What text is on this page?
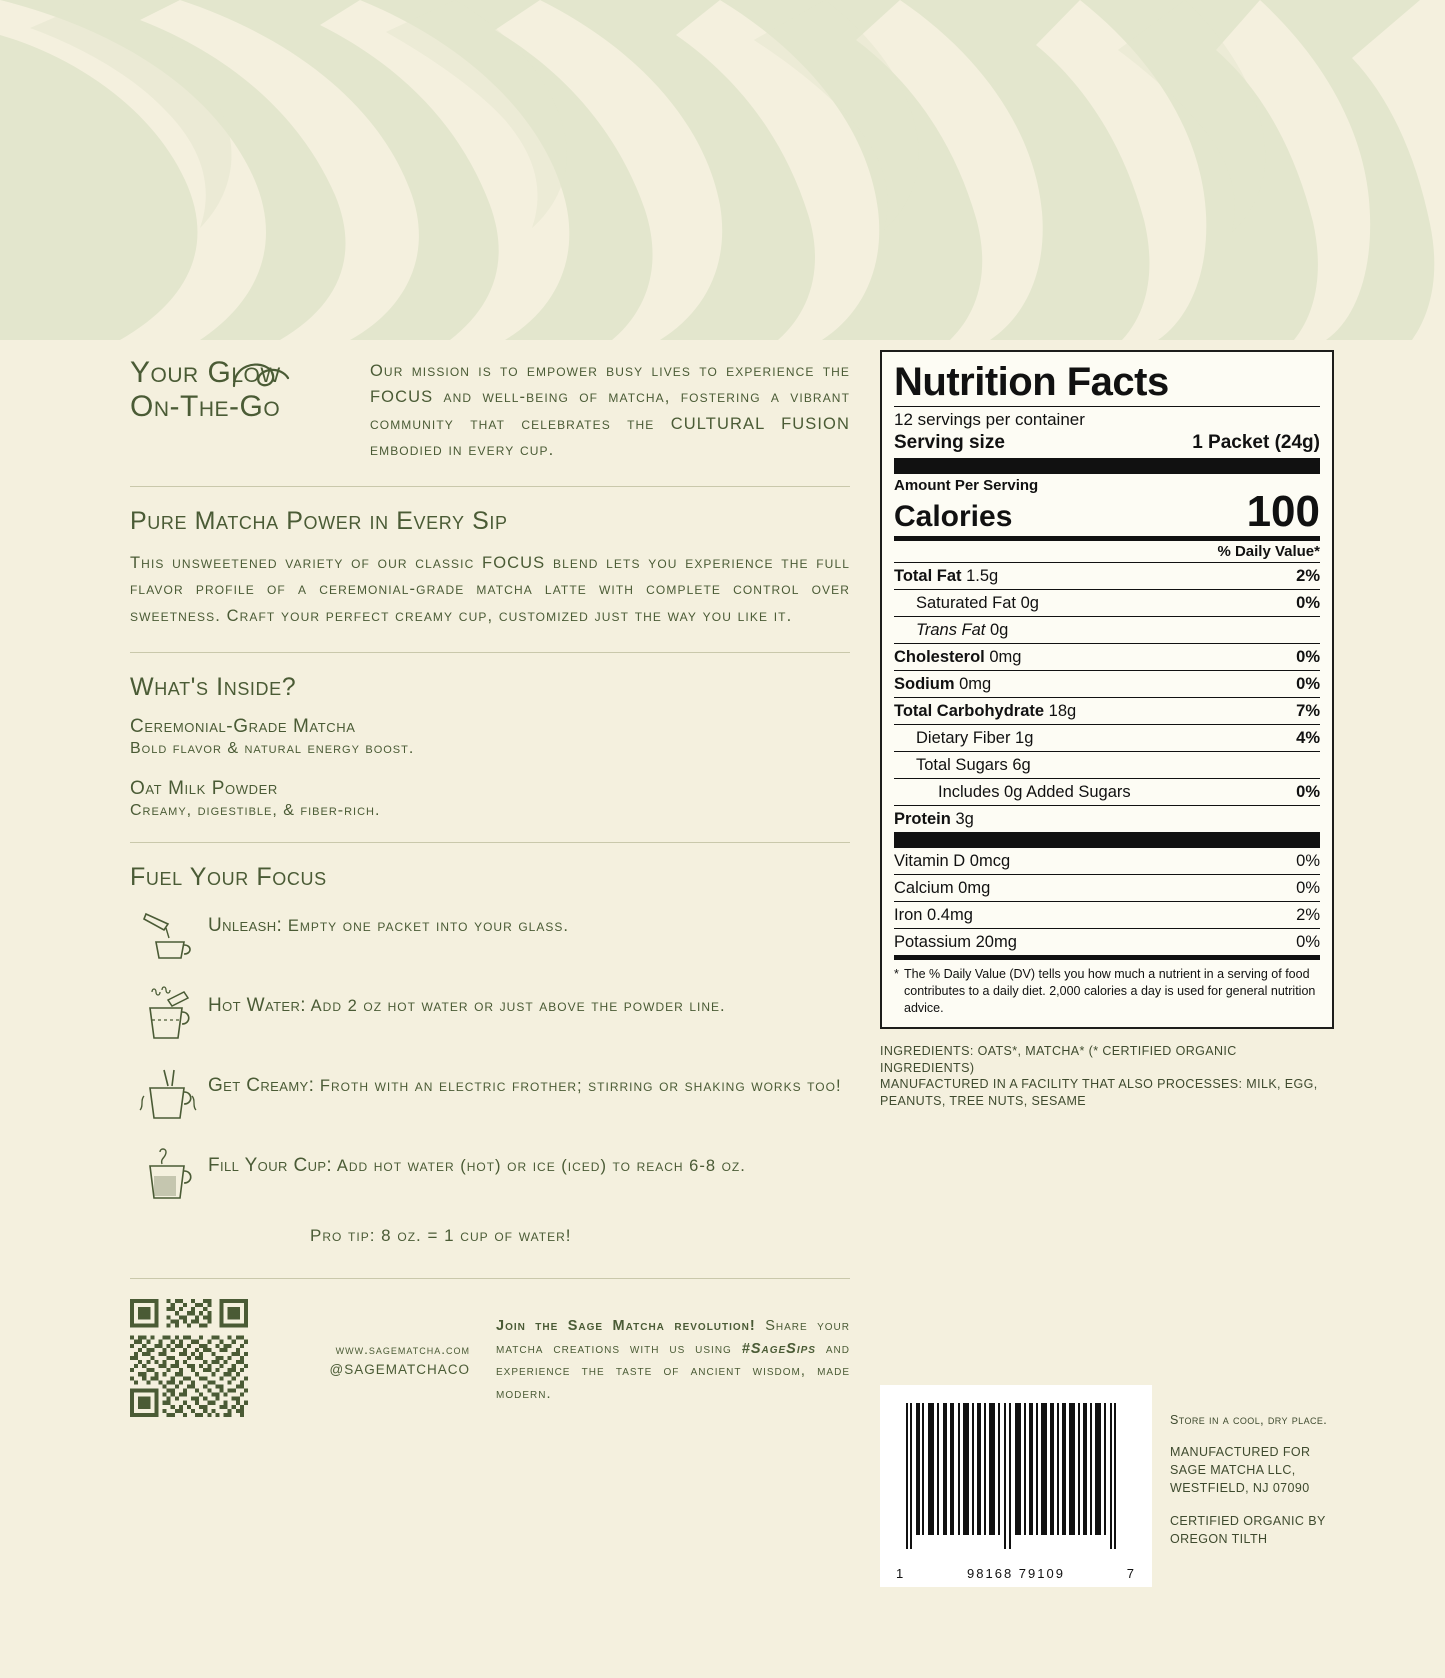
Your Glow
On-The-Go
Our mission is to empower busy lives to experience the FOCUS and well-being of matcha, fostering a vibrant community that celebrates the CULTURAL FUSION embodied in every cup.
Pure Matcha Power in Every Sip

This unsweetened variety of our classic FOCUS blend lets you experience the full flavor profile of a ceremonial-grade matcha latte with complete control over sweetness. Craft your perfect creamy cup, customized just the way you like it.

What's Inside?

Ceremonial-Grade Matcha

Bold flavor & natural energy boost.

Oat Milk Powder

Creamy, digestible, & fiber-rich.

Fuel Your Focus
Unleash: Empty one packet into your glass.
Hot Water: Add 2 oz hot water or just above the powder line.
Get Creamy: Froth with an electric frother; stirring or shaking works too!
Fill Your Cup: Add hot water (hot) or ice (iced) to reach 6-8 oz.
Pro tip: 8 oz. = 1 cup of water!
www.sagematcha.com
@SAGEMATCHACO
Join the Sage Matcha revolution! Share your matcha creations with us using #SageSips and experience the taste of ancient wisdom, made modern.
Nutrition Facts
12 servings per container
Serving size	1 Packet (24g)
Amount Per Serving
Calories	100
% Daily Value*
Total Fat 1.5g	2%
Saturated Fat 0g	0%
Trans Fat 0g
Cholesterol 0mg	0%
Sodium 0mg	0%
Total Carbohydrate 18g	7%
Dietary Fiber 1g	4%
Total Sugars 6g
Includes 0g Added Sugars	0%
Protein 3g
Vitamin D 0mcg	0%
Calcium 0mg	0%
Iron 0.4mg	2%
Potassium 20mg	0%
* The % Daily Value (DV) tells you how much a nutrient in a serving of food contributes to a daily diet. 2,000 calories a day is used for general nutrition advice.
INGREDIENTS: OATS*, MATCHA* (* CERTIFIED ORGANIC INGREDIENTS)
MANUFACTURED IN A FACILITY THAT ALSO PROCESSES: MILK, EGG, PEANUTS, TREE NUTS, SESAME
1	98168 79109	7

Store in a cool, dry place.

MANUFACTURED FOR
SAGE MATCHA LLC,
WESTFIELD, NJ 07090

CERTIFIED ORGANIC BY
OREGON TILTH
